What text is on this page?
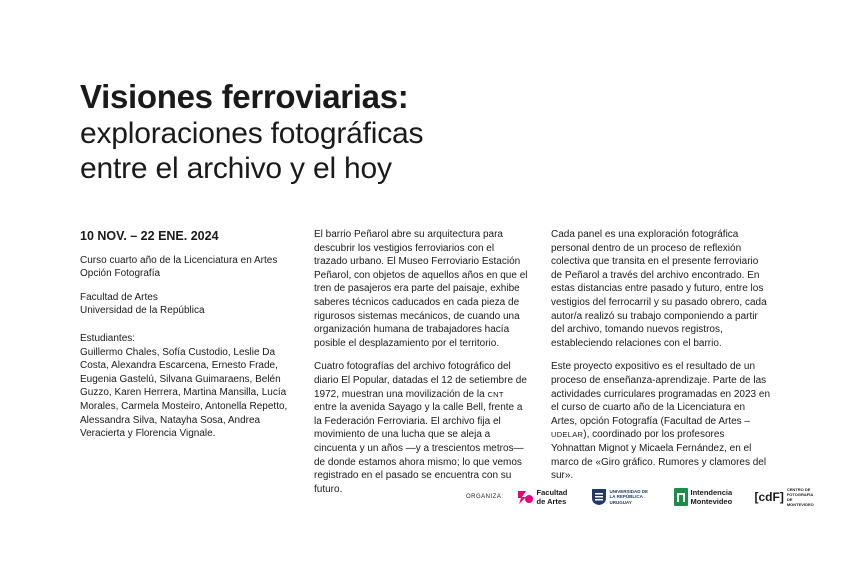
Visiones ferroviarias:

exploraciones fotográficas

entre el archivo y el hoy

10 NOV. – 22 ENE. 2024

Curso cuarto año de la Licenciatura en Artes
Opción Fotografía

Facultad de Artes
Universidad de la República

Estudiantes:
Guillermo Chales, Sofía Custodio, Leslie Da Costa, Alexandra Escarcena, Ernesto Frade, Eugenia Gastelú, Silvana Guimaraens, Belén Guzzo, Karen Herrera, Martina Mansilla, Lucía Morales, Carmela Mosteiro, Antonella Repetto, Alessandra Silva, Natayha Sosa, Andrea Veracierta y Florencia Vignale.

El barrio Peñarol abre su arquitectura para descubrir los vestigios ferroviarios con el trazado urbano. El Museo Ferroviario Estación Peñarol, con objetos de aquellos años en que el tren de pasajeros era parte del paisaje, exhibe saberes técnicos caducados en cada pieza de rigurosos sistemas mecánicos, de cuando una organización humana de trabajadores hacía posible el desplazamiento por el territorio.

Cuatro fotografías del archivo fotográfico del diario El Popular, datadas el 12 de setiembre de 1972, muestran una movilización de la CNT entre la avenida Sayago y la calle Bell, frente a la Federación Ferroviaria. El archivo fija el movimiento de una lucha que se aleja a cincuenta y un años —y a trescientos metros— de donde estamos ahora mismo; lo que vemos registrado en el pasado se encuentra con su futuro.

Cada panel es una exploración fotográfica personal dentro de un proceso de reflexión colectiva que transita en el presente ferroviario de Peñarol a través del archivo encontrado. En estas distancias entre pasado y futuro, entre los vestigios del ferrocarril y su pasado obrero, cada autor/a realizó su trabajo componiendo a partir del archivo, tomando nuevos registros, estableciendo relaciones con el barrio.

Este proyecto expositivo es el resultado de un proceso de enseñanza-aprendizaje. Parte de las actividades curriculares programadas en 2023 en el curso de cuarto año de la Licenciatura en Artes, opción Fotografía (Facultad de Artes – UDELAR), coordinado por los profesores Yohnattan Mignot y Micaela Fernández, en el marco de «Giro gráfico. Rumores y clamores del sur».

ORGANIZA:	Facultad de Artes
UNIVERSIDAD DE LA REPÚBLICA URUGUAY
Intendencia Montevideo [cdF]
CENTRO DE FOTOGRAFÍA DE MONTEVIDEO
